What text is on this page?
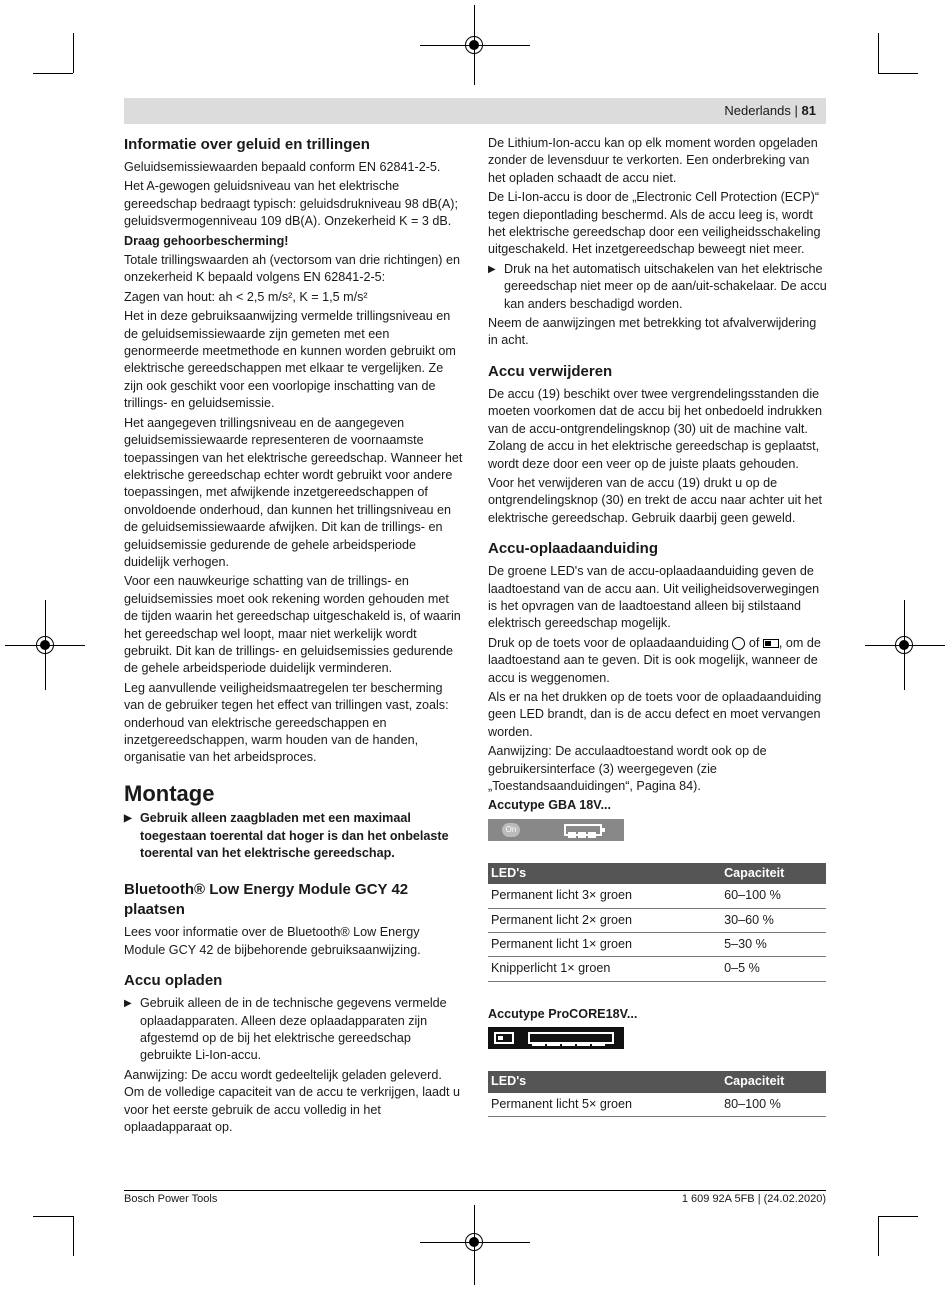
Nederlands | 81
Informatie over geluid en trillingen

Geluidsemissiewaarden bepaald conform EN 62841-2-5.

Het A-gewogen geluidsniveau van het elektrische gereedschap bedraagt typisch: geluidsdrukniveau 98 dB(A); geluidsvermogenniveau 109 dB(A). Onzekerheid K = 3 dB.

Draag gehoorbescherming!

Totale trillingswaarden ah (vectorsom van drie richtingen) en onzekerheid K bepaald volgens EN 62841-2-5:

Zagen van hout: ah < 2,5 m/s², K = 1,5 m/s²

Het in deze gebruiksaanwijzing vermelde trillingsniveau en de geluidsemissiewaarde zijn gemeten met een genormeerde meetmethode en kunnen worden gebruikt om elektrische gereedschappen met elkaar te vergelijken. Ze zijn ook geschikt voor een voorlopige inschatting van de trillings- en geluidsemissie.

Het aangegeven trillingsniveau en de aangegeven geluidsemissiewaarde representeren de voornaamste toepassingen van het elektrische gereedschap. Wanneer het elektrische gereedschap echter wordt gebruikt voor andere toepassingen, met afwijkende inzetgereedschappen of onvoldoende onderhoud, dan kunnen het trillingsniveau en de geluidsemissiewaarde afwijken. Dit kan de trillings- en geluidsemissie gedurende de gehele arbeidsperiode duidelijk verhogen.

Voor een nauwkeurige schatting van de trillings- en geluidsemissies moet ook rekening worden gehouden met de tijden waarin het gereedschap uitgeschakeld is, of waarin het gereedschap wel loopt, maar niet werkelijk wordt gebruikt. Dit kan de trillings- en geluidsemissies gedurende de gehele arbeidsperiode duidelijk verminderen.

Leg aanvullende veiligheidsmaatregelen ter bescherming van de gebruiker tegen het effect van trillingen vast, zoals: onderhoud van elektrische gereedschappen en inzetgereedschappen, warm houden van de handen, organisatie van het arbeidsproces.

Montage

▶ Gebruik alleen zaagbladen met een maximaal toegestaan toerental dat hoger is dan het onbelaste toerental van het elektrische gereedschap.

Bluetooth® Low Energy Module GCY 42 plaatsen

Lees voor informatie over de Bluetooth® Low Energy Module GCY 42 de bijbehorende gebruiksaanwijzing.

Accu opladen

▶ Gebruik alleen de in de technische gegevens vermelde oplaadapparaten. Alleen deze oplaadapparaten zijn afgestemd op de bij het elektrische gereedschap gebruikte Li-Ion-accu.

Aanwijzing: De accu wordt gedeeltelijk geladen geleverd. Om de volledige capaciteit van de accu te verkrijgen, laadt u voor het eerste gebruik de accu volledig in het oplaadapparaat op.

De Lithium-Ion-accu kan op elk moment worden opgeladen zonder de levensduur te verkorten. Een onderbreking van het opladen schaadt de accu niet.

De Li-Ion-accu is door de „Electronic Cell Protection (ECP)“ tegen diepontlading beschermd. Als de accu leeg is, wordt het elektrische gereedschap door een veiligheidsschakeling uitgeschakeld. Het inzetgereedschap beweegt niet meer.

▶ Druk na het automatisch uitschakelen van het elektrische gereedschap niet meer op de aan/uit-schakelaar. De accu kan anders beschadigd worden.

Neem de aanwijzingen met betrekking tot afvalverwijdering in acht.

Accu verwijderen

De accu (19) beschikt over twee vergrendelingsstanden die moeten voorkomen dat de accu bij het onbedoeld indrukken van de accu-ontgrendelingsknop (30) uit de machine valt. Zolang de accu in het elektrische gereedschap is geplaatst, wordt deze door een veer op de juiste plaats gehouden.

Voor het verwijderen van de accu (19) drukt u op de ontgrendelingsknop (30) en trekt de accu naar achter uit het elektrische gereedschap. Gebruik daarbij geen geweld.

Accu-oplaadaanduiding

De groene LED's van de accu-oplaadaanduiding geven de laadtoestand van de accu aan. Uit veiligheidsoverwegingen is het opvragen van de laadtoestand alleen bij stilstaand elektrisch gereedschap mogelijk.

Druk op de toets voor de oplaadaanduiding  of , om de laadtoestand aan te geven. Dit is ook mogelijk, wanneer de accu is weggenomen.

Als er na het drukken op de toets voor de oplaadaanduiding geen LED brandt, dan is de accu defect en moet vervangen worden.

Aanwijzing: De acculaadtoestand wordt ook op de gebruikersinterface (3) weergegeven (zie „Toestandsaanduidingen“, Pagina 84).

Accutype GBA 18V...

On
LED's	Capaciteit
Permanent licht 3× groen	60–100 %
Permanent licht 2× groen	30–60 %
Permanent licht 1× groen	5–30 %
Knipperlicht 1× groen	0–5 %

Accutype ProCORE18V...

LED's	Capaciteit
Permanent licht 5× groen	80–100 %
Bosch Power Tools	1 609 92A 5FB | (24.02.2020)
